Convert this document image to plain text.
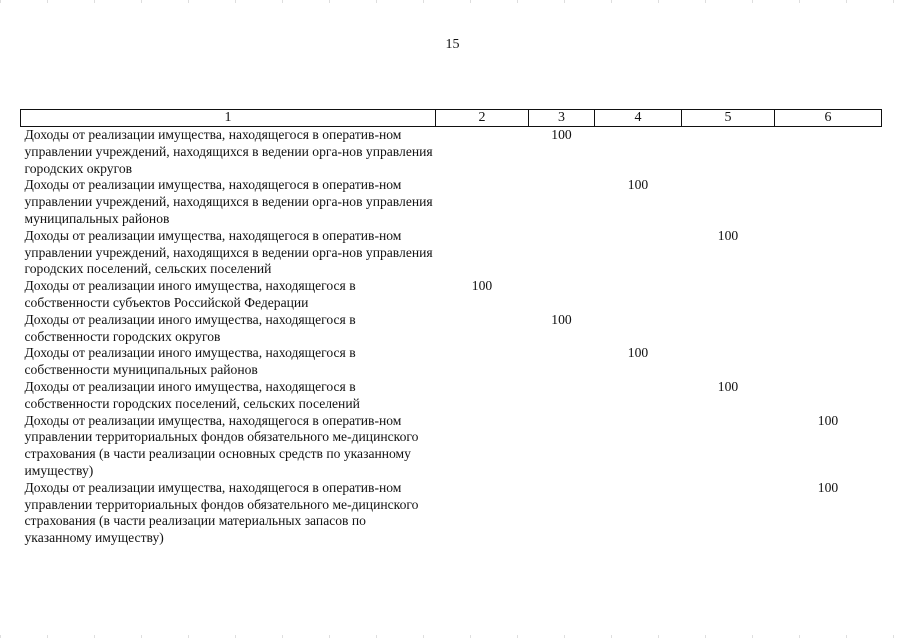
15
1	2	3	4	5	6
Доходы от реализации имущества, находящегося в оператив-ном управлении учреждений, находящихся в ведении орга-нов управления городских округов		100			
Доходы от реализации имущества, находящегося в оператив-ном управлении учреждений, находящихся в ведении орга-нов управления муниципальных районов			100		
Доходы от реализации имущества, находящегося в оператив-ном управлении учреждений, находящихся в ведении орга-нов управления городских поселений, сельских поселений				100	
Доходы от реализации иного имущества, находящегося в собственности субъектов Российской Федерации	100				
Доходы от реализации иного имущества, находящегося в собственности городских округов		100			
Доходы от реализации иного имущества, находящегося в собственности муниципальных районов			100		
Доходы от реализации иного имущества, находящегося в собственности городских поселений, сельских поселений				100	
Доходы от реализации имущества, находящегося в оператив-ном управлении территориальных фондов обязательного ме-дицинского страхования (в части реализации основных средств по указанному имуществу)					100
Доходы от реализации имущества, находящегося в оператив-ном управлении территориальных фондов обязательного ме-дицинского страхования (в части реализации материальных запасов по указанному имуществу)					100
